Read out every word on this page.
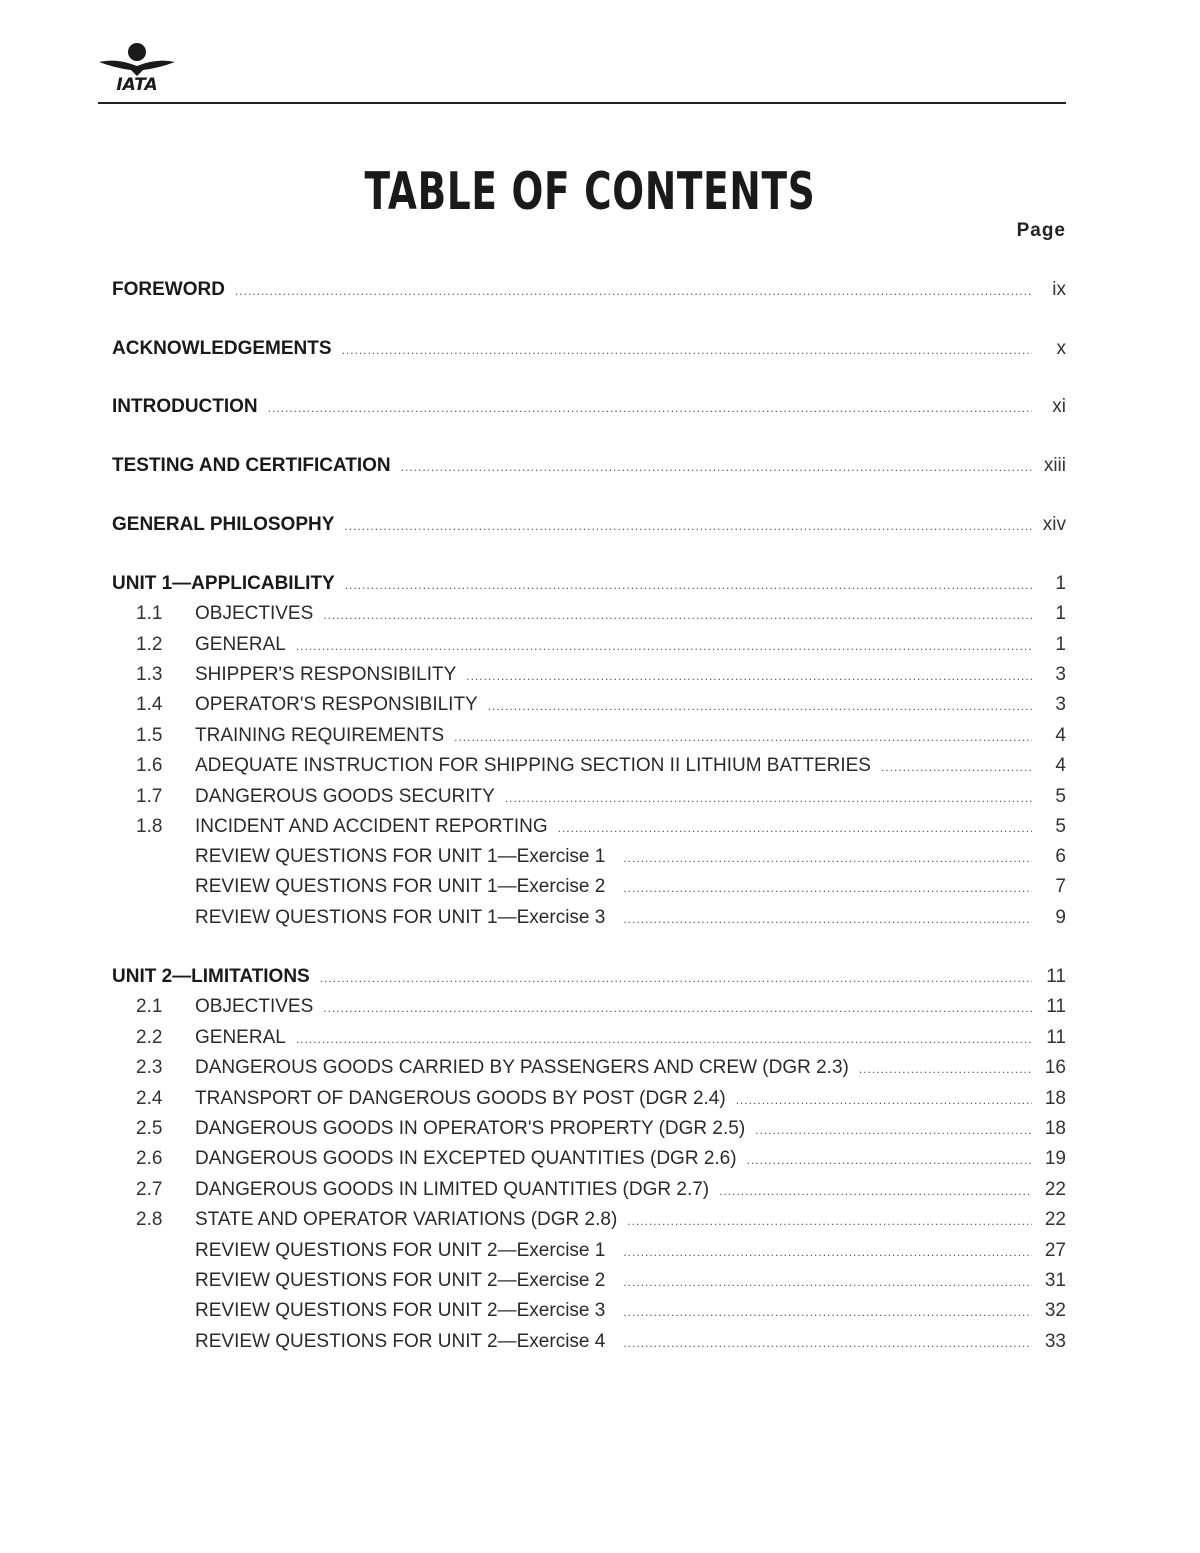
IATA
TABLE OF CONTENTS
Page
FOREWORD .....	ix
ACKNOWLEDGEMENTS .....	x
INTRODUCTION .....	xi
TESTING AND CERTIFICATION .....	xiii
GENERAL PHILOSOPHY .....	xiv
UNIT 1—APPLICABILITY .....	1
1.1	OBJECTIVES .....	1
1.2	GENERAL .....	1
1.3	SHIPPER'S RESPONSIBILITY .....	3
1.4	OPERATOR'S RESPONSIBILITY .....	3
1.5	TRAINING REQUIREMENTS .....	4
1.6	ADEQUATE INSTRUCTION FOR SHIPPING SECTION II LITHIUM BATTERIES .....	4
1.7	DANGEROUS GOODS SECURITY .....	5
1.8	INCIDENT AND ACCIDENT REPORTING .....	5
REVIEW QUESTIONS FOR UNIT 1—Exercise 1 .....	6
REVIEW QUESTIONS FOR UNIT 1—Exercise 2 .....	7
REVIEW QUESTIONS FOR UNIT 1—Exercise 3 .....	9
UNIT 2—LIMITATIONS .....	11
2.1	OBJECTIVES .....	11
2.2	GENERAL .....	11
2.3	DANGEROUS GOODS CARRIED BY PASSENGERS AND CREW (DGR 2.3) .....	16
2.4	TRANSPORT OF DANGEROUS GOODS BY POST (DGR 2.4) .....	18
2.5	DANGEROUS GOODS IN OPERATOR'S PROPERTY (DGR 2.5) .....	18
2.6	DANGEROUS GOODS IN EXCEPTED QUANTITIES (DGR 2.6) .....	19
2.7	DANGEROUS GOODS IN LIMITED QUANTITIES (DGR 2.7) .....	22
2.8	STATE AND OPERATOR VARIATIONS (DGR 2.8) .....	22
REVIEW QUESTIONS FOR UNIT 2—Exercise 1 .....	27
REVIEW QUESTIONS FOR UNIT 2—Exercise 2 .....	31
REVIEW QUESTIONS FOR UNIT 2—Exercise 3 .....	32
REVIEW QUESTIONS FOR UNIT 2—Exercise 4 .....	33
